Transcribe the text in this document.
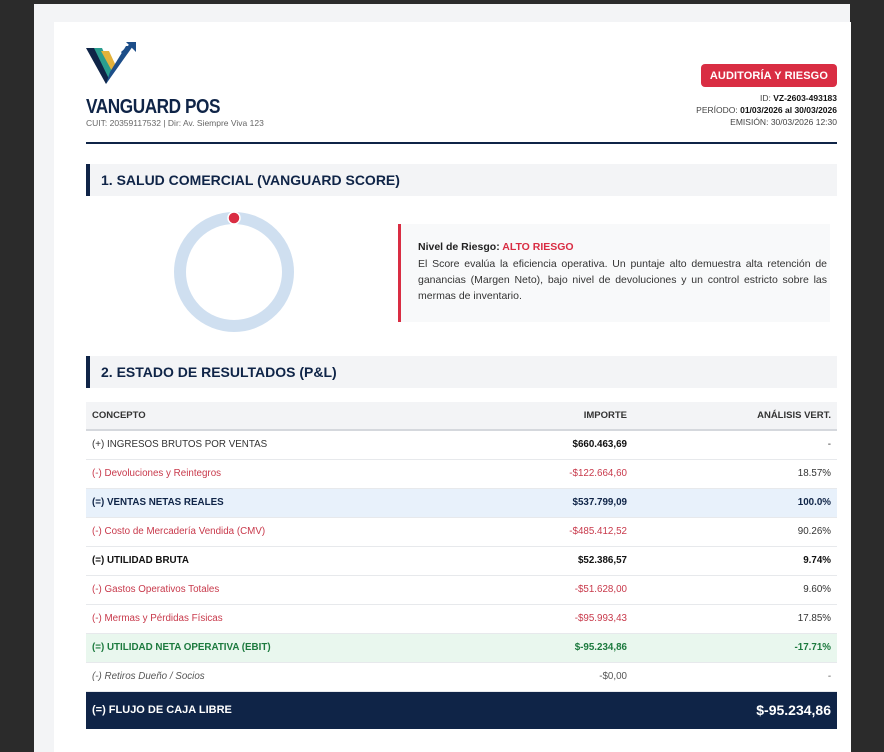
VANGUARD POS
CUIT: 20359117532 | Dir: Av. Siempre Viva 123
AUDITORÍA Y RIESGO
ID: VZ-2603-493183
PERÍODO: 01/03/2026 al 30/03/2026
EMISIÓN: 30/03/2026 12:30
1. SALUD COMERCIAL (VANGUARD SCORE)
Nivel de Riesgo: ALTO RIESGO
El Score evalúa la eficiencia operativa. Un puntaje alto demuestra alta retención de ganancias (Margen Neto), bajo nivel de devoluciones y un control estricto sobre las mermas de inventario.
2. ESTADO DE RESULTADOS (P&L)
CONCEPTO	IMPORTE	ANÁLISIS VERT.
(+) INGRESOS BRUTOS POR VENTAS	$660.463,69	-
(-) Devoluciones y Reintegros	-$122.664,60	18.57%
(=) VENTAS NETAS REALES	$537.799,09	100.0%
(-) Costo de Mercadería Vendida (CMV)	-$485.412,52	90.26%
(=) UTILIDAD BRUTA	$52.386,57	9.74%
(-) Gastos Operativos Totales	-$51.628,00	9.60%
(-) Mermas y Pérdidas Físicas	-$95.993,43	17.85%
(=) UTILIDAD NETA OPERATIVA (EBIT)	$-95.234,86	-17.71%
(-) Retiros Dueño / Socios	-$0,00	-
(=) FLUJO DE CAJA LIBRE		$-95.234,86
